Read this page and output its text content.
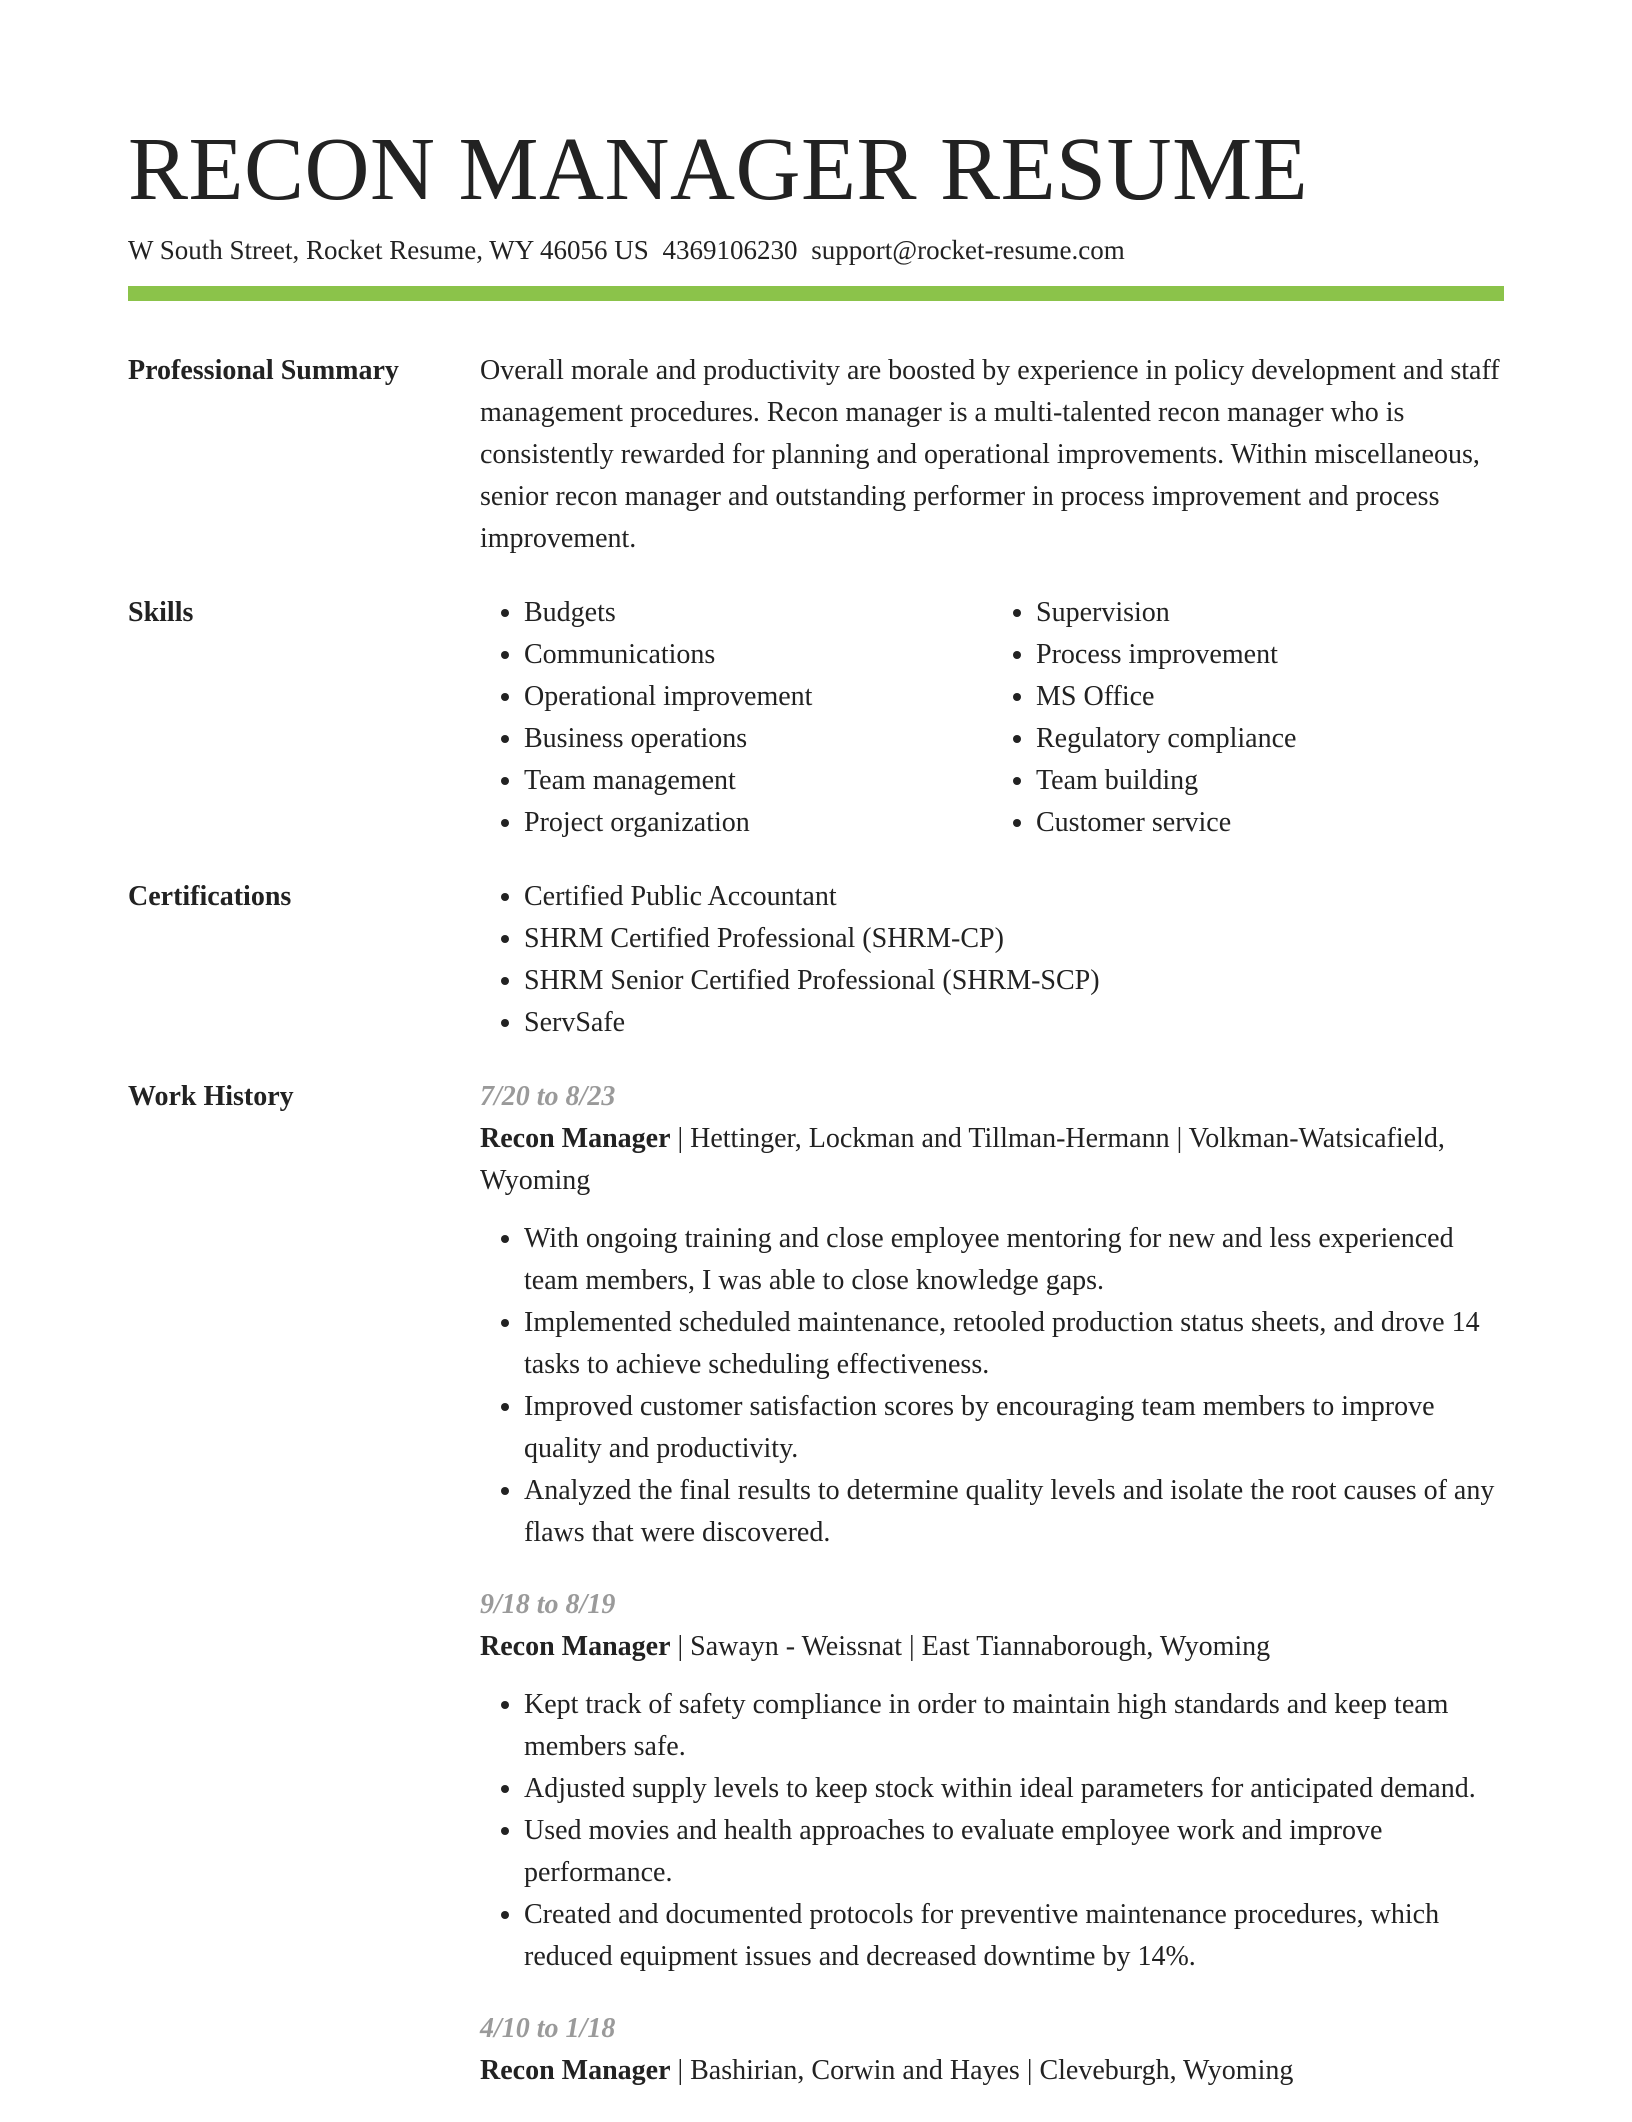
RECON MANAGER RESUME
W South Street, Rocket Resume, WY 46056 US 4369106230 support@rocket-resume.com
Professional Summary	Overall morale and productivity are boosted by experience in policy development and staff management procedures. Recon manager is a multi-talented recon manager who is consistently rewarded for planning and operational improvements. Within miscellaneous, senior recon manager and outstanding performer in process improvement and process improvement.

Skills	• Budgets
• Communications
• Operational improvement
• Business operations
• Team management
• Project organization
• Supervision
• Process improvement
• MS Office
• Regulatory compliance
• Team building
• Customer service
Certifications	• Certified Public Accountant
• SHRM Certified Professional (SHRM-CP)
• SHRM Senior Certified Professional (SHRM-SCP)
• ServSafe
Work History	7/20 to 8/23

Recon Manager | Hettinger, Lockman and Tillman-Hermann | Volkman-Watsicafield, Wyoming

• With ongoing training and close employee mentoring for new and less experienced team members, I was able to close knowledge gaps.
• Implemented scheduled maintenance, retooled production status sheets, and drove 14 tasks to achieve scheduling effectiveness.
• Improved customer satisfaction scores by encouraging team members to improve quality and productivity.
• Analyzed the final results to determine quality levels and isolate the root causes of any flaws that were discovered.
9/18 to 8/19

Recon Manager | Sawayn - Weissnat | East Tiannaborough, Wyoming

• Kept track of safety compliance in order to maintain high standards and keep team members safe.
• Adjusted supply levels to keep stock within ideal parameters for anticipated demand.
• Used movies and health approaches to evaluate employee work and improve performance.
• Created and documented protocols for preventive maintenance procedures, which reduced equipment issues and decreased downtime by 14%.
4/10 to 1/18

Recon Manager | Bashirian, Corwin and Hayes | Cleveburgh, Wyoming
